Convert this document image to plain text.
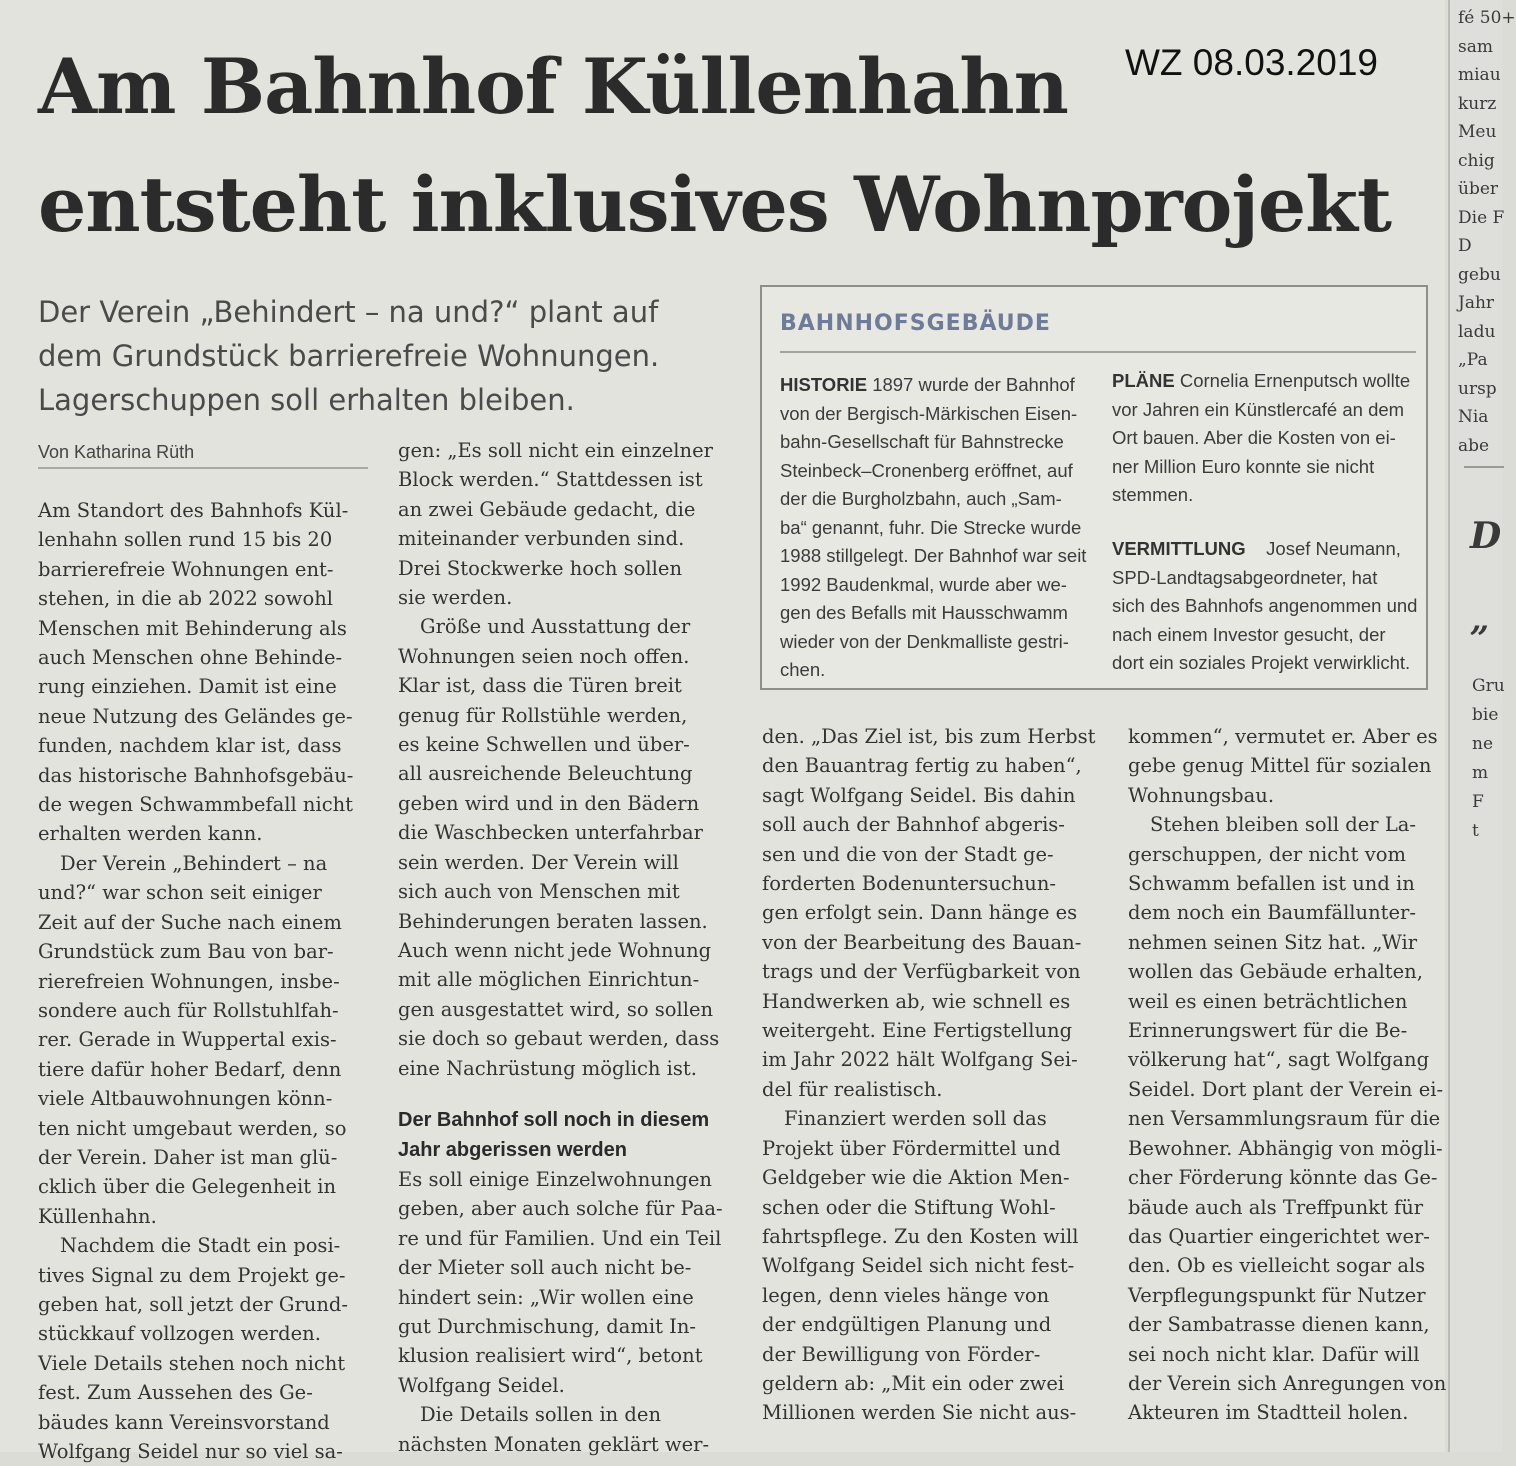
WZ 08.03.2019
Am Bahnhof Küllenhahn
entsteht inklusives Wohnprojekt
Der Verein „Behindert – na und?“ plant auf
dem Grundstück barrierefreie Wohnungen.
Lagerschuppen soll erhalten bleiben.
BAHNHOFSGEBÄUDE
HISTORIE 1897 wurde der Bahnhof
von der Bergisch-Märkischen Eisen-
bahn-Gesellschaft für Bahnstrecke
Steinbeck–Cronenberg eröffnet, auf
der die Burgholzbahn, auch „Sam-
ba“ genannt, fuhr. Die Strecke wurde
1988 stillgelegt. Der Bahnhof war seit
1992 Baudenkmal, wurde aber we-
gen des Befalls mit Hausschwamm
wieder von der Denkmalliste gestri-
chen.
PLÄNE Cornelia Ernenputsch wollte
vor Jahren ein Künstlercafé an dem
Ort bauen. Aber die Kosten von ei-
ner Million Euro konnte sie nicht
stemmen.
VERMITTLUNG Josef Neumann,
SPD-Landtagsabgeordneter, hat
sich des Bahnhofs angenommen und
nach einem Investor gesucht, der
dort ein soziales Projekt verwirklicht.
Von Katharina Rüth
Am Standort des Bahnhofs Kül-
lenhahn sollen rund 15 bis 20
barrierefreie Wohnungen ent-
stehen, in die ab 2022 sowohl
Menschen mit Behinderung als
auch Menschen ohne Behinde-
rung einziehen. Damit ist eine
neue Nutzung des Geländes ge-
funden, nachdem klar ist, dass
das historische Bahnhofsgebäu-
de wegen Schwammbefall nicht
erhalten werden kann.
Der Verein „Behindert – na
und?“ war schon seit einiger
Zeit auf der Suche nach einem
Grundstück zum Bau von bar-
rierefreien Wohnungen, insbe-
sondere auch für Rollstuhlfah-
rer. Gerade in Wuppertal exis-
tiere dafür hoher Bedarf, denn
viele Altbauwohnungen könn-
ten nicht umgebaut werden, so
der Verein. Daher ist man glü-
cklich über die Gelegenheit in
Küllenhahn.
Nachdem die Stadt ein posi-
tives Signal zu dem Projekt ge-
geben hat, soll jetzt der Grund-
stückkauf vollzogen werden.
Viele Details stehen noch nicht
fest. Zum Aussehen des Ge-
bäudes kann Vereinsvorstand
Wolfgang Seidel nur so viel sa-
gen: „Es soll nicht ein einzelner
Block werden.“ Stattdessen ist
an zwei Gebäude gedacht, die
miteinander verbunden sind.
Drei Stockwerke hoch sollen
sie werden.
Größe und Ausstattung der
Wohnungen seien noch offen.
Klar ist, dass die Türen breit
genug für Rollstühle werden,
es keine Schwellen und über-
all ausreichende Beleuchtung
geben wird und in den Bädern
die Waschbecken unterfahrbar
sein werden. Der Verein will
sich auch von Menschen mit
Behinderungen beraten lassen.
Auch wenn nicht jede Wohnung
mit alle möglichen Einrichtun-
gen ausgestattet wird, so sollen
sie doch so gebaut werden, dass
eine Nachrüstung möglich ist.
Der Bahnhof soll noch in diesem
Jahr abgerissen werden
Es soll einige Einzelwohnungen
geben, aber auch solche für Paa-
re und für Familien. Und ein Teil
der Mieter soll auch nicht be-
hindert sein: „Wir wollen eine
gut Durchmischung, damit In-
klusion realisiert wird“, betont
Wolfgang Seidel.
Die Details sollen in den
nächsten Monaten geklärt wer-
den. „Das Ziel ist, bis zum Herbst
den Bauantrag fertig zu haben“,
sagt Wolfgang Seidel. Bis dahin
soll auch der Bahnhof abgeris-
sen und die von der Stadt ge-
forderten Bodenuntersuchun-
gen erfolgt sein. Dann hänge es
von der Bearbeitung des Bauan-
trags und der Verfügbarkeit von
Handwerken ab, wie schnell es
weitergeht. Eine Fertigstellung
im Jahr 2022 hält Wolfgang Sei-
del für realistisch.
Finanziert werden soll das
Projekt über Fördermittel und
Geldgeber wie die Aktion Men-
schen oder die Stiftung Wohl-
fahrtspflege. Zu den Kosten will
Wolfgang Seidel sich nicht fest-
legen, denn vieles hänge von
der endgültigen Planung und
der Bewilligung von Förder-
geldern ab: „Mit ein oder zwei
Millionen werden Sie nicht aus-
kommen“, vermutet er. Aber es
gebe genug Mittel für sozialen
Wohnungsbau.
Stehen bleiben soll der La-
gerschuppen, der nicht vom
Schwamm befallen ist und in
dem noch ein Baumfällunter-
nehmen seinen Sitz hat. „Wir
wollen das Gebäude erhalten,
weil es einen beträchtlichen
Erinnerungswert für die Be-
völkerung hat“, sagt Wolfgang
Seidel. Dort plant der Verein ei-
nen Versammlungsraum für die
Bewohner. Abhängig von mögli-
cher Förderung könnte das Ge-
bäude auch als Treffpunkt für
das Quartier eingerichtet wer-
den. Ob es vielleicht sogar als
Verpflegungspunkt für Nutzer
der Sambatrasse dienen kann,
sei noch nicht klar. Dafür will
der Verein sich Anregungen von
Akteuren im Stadtteil holen.
fé 50+
sam
miau
kurz
Meu
chig
über
Die F
D
gebu
Jahr
ladu
„Pa
ursp
Nia
abe
D
„
Gru
bie
ne
m
F
t
